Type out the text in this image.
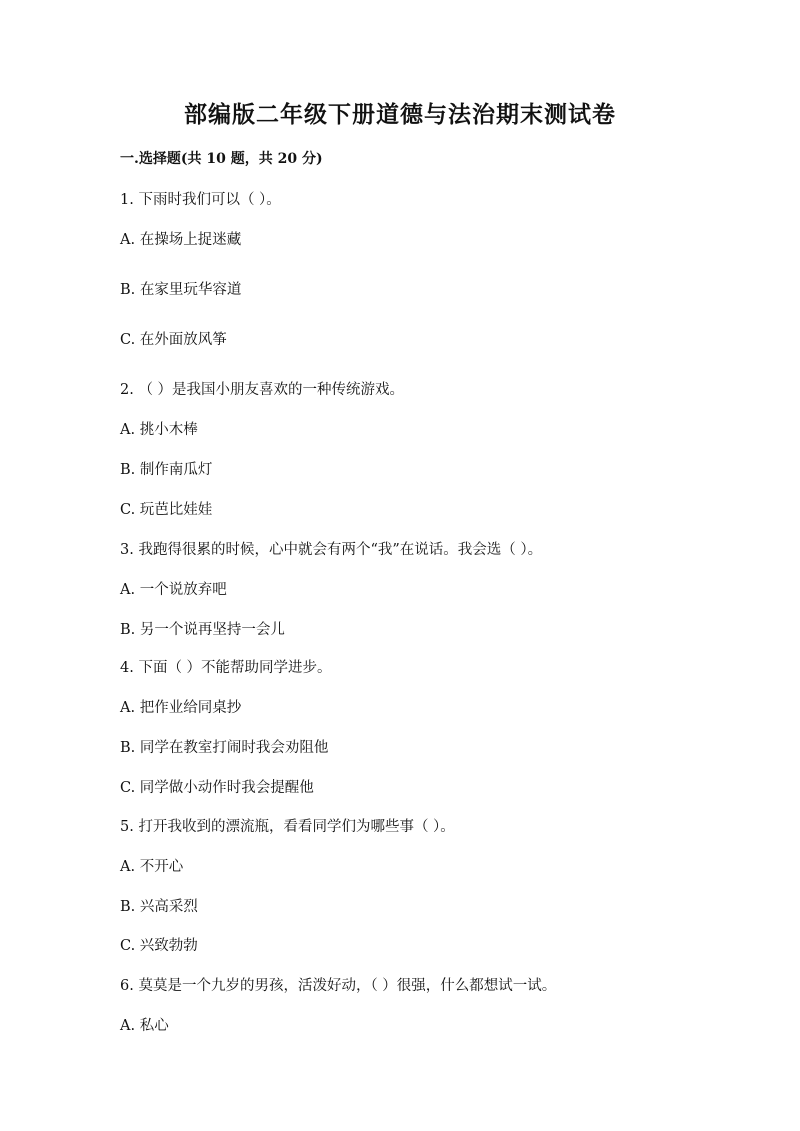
部编版二年级下册道德与法治期末测试卷
一.选择题(共 10 题，共 20 分)
1. 下雨时我们可以（ ）。
A. 在操场上捉迷藏
B. 在家里玩华容道
C. 在外面放风筝
2. （ ）是我国小朋友喜欢的一种传统游戏。
A. 挑小木棒
B. 制作南瓜灯
C. 玩芭比娃娃
3. 我跑得很累的时候，心中就会有两个“我”在说话。我会选（ ）。
A. 一个说放弃吧
B. 另一个说再坚持一会儿
4. 下面（ ）不能帮助同学进步。
A. 把作业给同桌抄
B. 同学在教室打闹时我会劝阻他
C. 同学做小动作时我会提醒他
5. 打开我收到的漂流瓶，看看同学们为哪些事（ ）。
A. 不开心
B. 兴高采烈
C. 兴致勃勃
6. 莫莫是一个九岁的男孩，活泼好动，（ ）很强，什么都想试一试。
A. 私心
